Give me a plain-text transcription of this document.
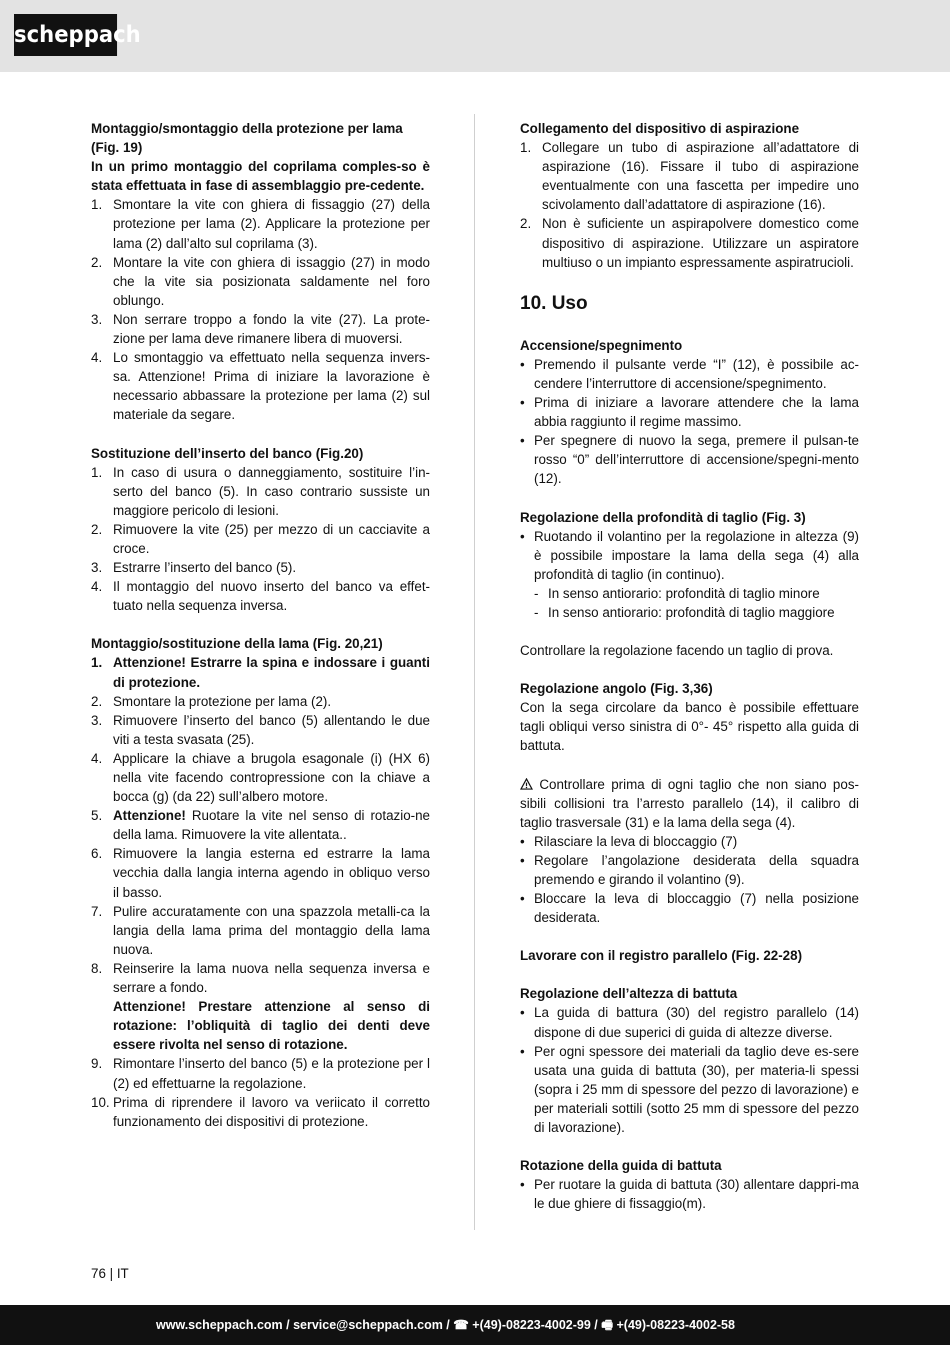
scheppach

Montaggio/smontaggio della protezione per lama

(Fig. 19)

In un primo montaggio del coprilama comples-so è stata effettuata in fase di assemblaggio pre-cedente.

1. Smontare la vite con ghiera di fissaggio (27) della protezione per lama (2). Applicare la protezione per lama (2) dall’alto sul coprilama (3).
2. Montare la vite con ghiera di issaggio (27) in modo che la vite sia posizionata saldamente nel foro oblungo.
3. Non serrare troppo a fondo la vite (27). La prote-zione per lama deve rimanere libera di muoversi.
4. Lo smontaggio va effettuato nella sequenza invers-sa. Attenzione! Prima di iniziare la lavorazione è necessario abbassare la protezione per lama (2) sul materiale da segare.

Sostituzione dell’inserto del banco (Fig.20)

1. In caso di usura o danneggiamento, sostituire l’in-serto del banco (5). In caso contrario sussiste un maggiore pericolo di lesioni.
2. Rimuovere la vite (25) per mezzo di un cacciavite a croce.
3. Estrarre l’inserto del banco (5).
4. Il montaggio del nuovo inserto del banco va effet-tuato nella sequenza inversa.

Montaggio/sostituzione della lama (Fig. 20,21)

1. Attenzione! Estrarre la spina e indossare i guanti di protezione.
2. Smontare la protezione per lama (2).
3. Rimuovere l’inserto del banco (5) allentando le due viti a testa svasata (25).
4. Applicare la chiave a brugola esagonale (i) (HX 6) nella vite facendo contropressione con la chiave a bocca (g) (da 22) sull’albero motore.
5. Attenzione! Ruotare la vite nel senso di rotazio-ne della lama. Rimuovere la vite allentata..
6. Rimuovere la langia esterna ed estrarre la lama vecchia dalla langia interna agendo in obliquo verso il basso.
7. Pulire accuratamente con una spazzola metalli-ca la langia della lama prima del montaggio della lama nuova.
8. Reinserire la lama nuova nella sequenza inversa e serrare a fondo.
Attenzione! Prestare attenzione al senso di rotazione: l’obliquità di taglio dei denti deve essere rivolta nel senso di rotazione.
9. Rimontare l’inserto del banco (5) e la protezione per l (2) ed effettuarne la regolazione.
10. Prima di riprendere il lavoro va veriicato il corretto funzionamento dei dispositivi di protezione.

Collegamento del dispositivo di aspirazione

1. Collegare un tubo di aspirazione all’adattatore di aspirazione (16). Fissare il tubo di aspirazione eventualmente con una fascetta per impedire uno scivolamento dall’adattatore di aspirazione (16).
2. Non è suficiente un aspirapolvere domestico come dispositivo di aspirazione. Utilizzare un aspiratore multiuso o un impianto espressamente aspiratrucioli.

10. Uso

Accensione/spegnimento

• Premendo il pulsante verde “I” (12), è possibile ac-cendere l’interruttore di accensione/spegnimento.
• Prima di iniziare a lavorare attendere che la lama abbia raggiunto il regime massimo.
• Per spegnere di nuovo la sega, premere il pulsan-te rosso “0” dell’interruttore di accensione/spegni-mento (12).

Regolazione della profondità di taglio (Fig. 3)

• Ruotando il volantino per la regolazione in altezza (9) è possibile impostare la lama della sega (4) alla profondità di taglio (in continuo).
- In senso antiorario: profondità di taglio minore
- In senso antiorario: profondità di taglio maggiore

Controllare la regolazione facendo un taglio di prova.

Regolazione angolo (Fig. 3,36)

Con la sega circolare da banco è possibile effettuare tagli obliqui verso sinistra di 0°- 45° rispetto alla guida di battuta.

Controllare prima di ogni taglio che non siano pos-sibili collisioni tra l’arresto parallelo (14), il calibro di taglio trasversale (31) e la lama della sega (4).

• Rilasciare la leva di bloccaggio (7)
• Regolare l’angolazione desiderata della squadra premendo e girando il volantino (9).
• Bloccare la leva di bloccaggio (7) nella posizione desiderata.

Lavorare con il registro parallelo (Fig. 22-28)

Regolazione dell’altezza di battuta

• La guida di battura (30) del registro parallelo (14) dispone di due superici di guida di altezze diverse.
• Per ogni spessore dei materiali da taglio deve es-sere usata una guida di battuta (30), per materia-li spessi (sopra i 25 mm di spessore del pezzo di lavorazione) e per materiali sottili (sotto 25 mm di spessore del pezzo di lavorazione).

Rotazione della guida di battuta

• Per ruotare la guida di battuta (30) allentare dappri-ma le due ghiere di fissaggio(m).
76 | IT
www.scheppach.com / service@scheppach.com / ☎ +(49)-08223-4002-99 / 🖷 +(49)-08223-4002-58
